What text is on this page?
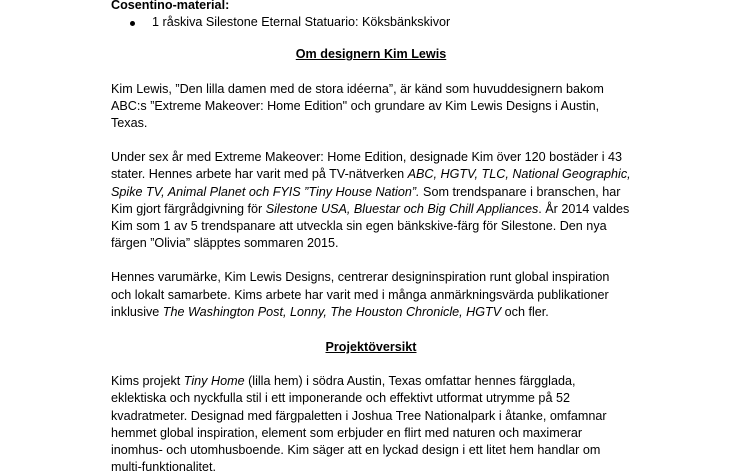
Cosentino-material:

1 råskiva Silestone Eternal Statuario: Köksbänkskivor

Om designern Kim Lewis

Kim Lewis, ”Den lilla damen med de stora idéerna”, är känd som huvuddesignern bakom ABC:s ”Extreme Makeover: Home Edition" och grundare av Kim Lewis Designs i Austin, Texas.

Under sex år med Extreme Makeover: Home Edition, designade Kim över 120 bostäder i 43 stater. Hennes arbete har varit med på TV-nätverken ABC, HGTV, TLC, National Geographic, Spike TV, Animal Planet och FYIS ”Tiny House Nation”. Som trendspanare i branschen, har Kim gjort färgrådgivning för Silestone USA, Bluestar och Big Chill Appliances. År 2014 valdes Kim som 1 av 5 trendspanare att utveckla sin egen bänkskive-färg för Silestone. Den nya färgen ”Olivia” släpptes sommaren 2015.

Hennes varumärke, Kim Lewis Designs, centrerar designinspiration runt global inspiration och lokalt samarbete. Kims arbete har varit med i många anmärkningsvärda publikationer inklusive The Washington Post, Lonny, The Houston Chronicle, HGTV och fler.

Projektöversikt

Kims projekt Tiny Home (lilla hem) i södra Austin, Texas omfattar hennes färgglada, eklektiska och nyckfulla stil i ett imponerande och effektivt utformat utrymme på 52 kvadratmeter. Designad med färgpaletten i Joshua Tree Nationalpark i åtanke, omfamnar hemmet global inspiration, element som erbjuder en flirt med naturen och maximerar inomhus- och utomhusboende. Kim säger att en lyckad design i ett litet hem handlar om multi-funktionalitet.
